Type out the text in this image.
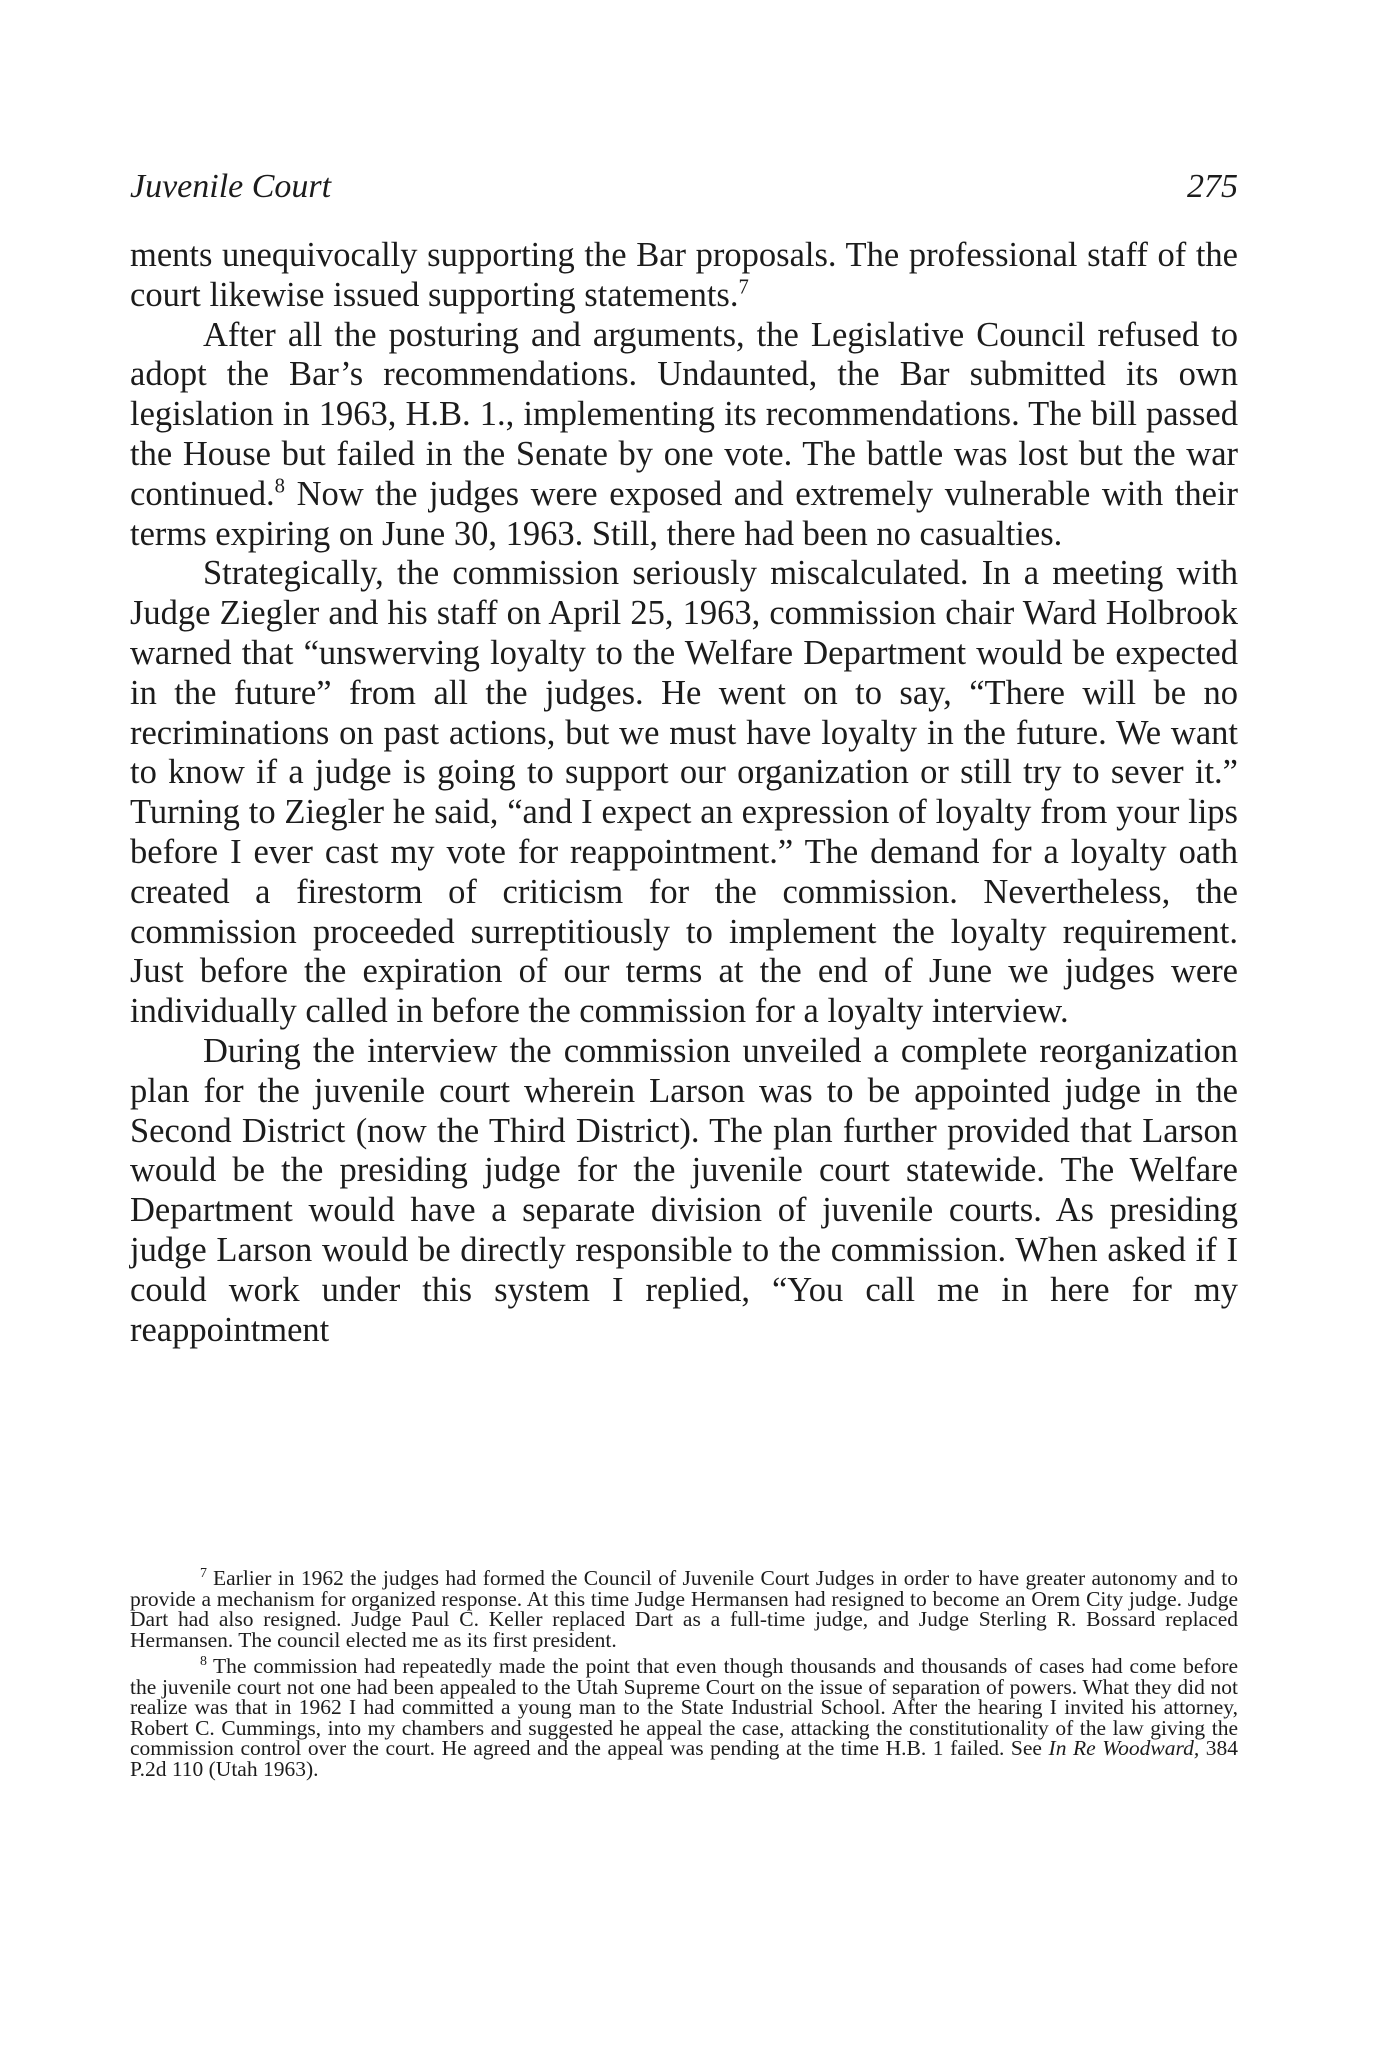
Juvenile Court	275

ments unequivocally supporting the Bar proposals. The professional staff of the court likewise issued supporting statements.$^7$

After all the posturing and arguments, the Legislative Council refused to adopt the Bar’s recommendations. Undaunted, the Bar submitted its own legislation in 1963, H.B. 1., implementing its recommendations. The bill passed the House but failed in the Senate by one vote. The battle was lost but the war continued.$^8$ Now the judges were exposed and extremely vulnerable with their terms expiring on June 30, 1963. Still, there had been no casualties.

Strategically, the commission seriously miscalculated. In a meeting with Judge Ziegler and his staff on April 25, 1963, commission chair Ward Holbrook warned that “unswerving loyalty to the Welfare Department would be expected in the future” from all the judges. He went on to say, “There will be no recriminations on past actions, but we must have loyalty in the future. We want to know if a judge is going to support our organization or still try to sever it.” Turning to Ziegler he said, “and I expect an expression of loyalty from your lips before I ever cast my vote for reappointment.” The demand for a loyalty oath created a firestorm of criticism for the commission. Nevertheless, the commission proceeded surreptitiously to implement the loyalty requirement. Just before the expiration of our terms at the end of June we judges were individually called in before the commission for a loyalty interview.

During the interview the commission unveiled a complete reorganization plan for the juvenile court wherein Larson was to be appointed judge in the Second District (now the Third District). The plan further provided that Larson would be the presiding judge for the juvenile court statewide. The Welfare Department would have a separate division of juvenile courts. As presiding judge Larson would be directly responsible to the commission. When asked if I could work under this system I replied, “You call me in here for my reappointment

$^7$ Earlier in 1962 the judges had formed the Council of Juvenile Court Judges in order to have greater autonomy and to provide a mechanism for organized response. At this time Judge Hermansen had resigned to become an Orem City judge. Judge Dart had also resigned. Judge Paul C. Keller replaced Dart as a full-time judge, and Judge Sterling R. Bossard replaced Hermansen. The council elected me as its first president.

$^8$ The commission had repeatedly made the point that even though thousands and thousands of cases had come before the juvenile court not one had been appealed to the Utah Supreme Court on the issue of separation of powers. What they did not realize was that in 1962 I had committed a young man to the State Industrial School. After the hearing I invited his attorney, Robert C. Cummings, into my chambers and suggested he appeal the case, attacking the constitutionality of the law giving the commission control over the court. He agreed and the appeal was pending at the time H.B. 1 failed. See In Re Woodward, 384 P.2d 110 (Utah 1963).
